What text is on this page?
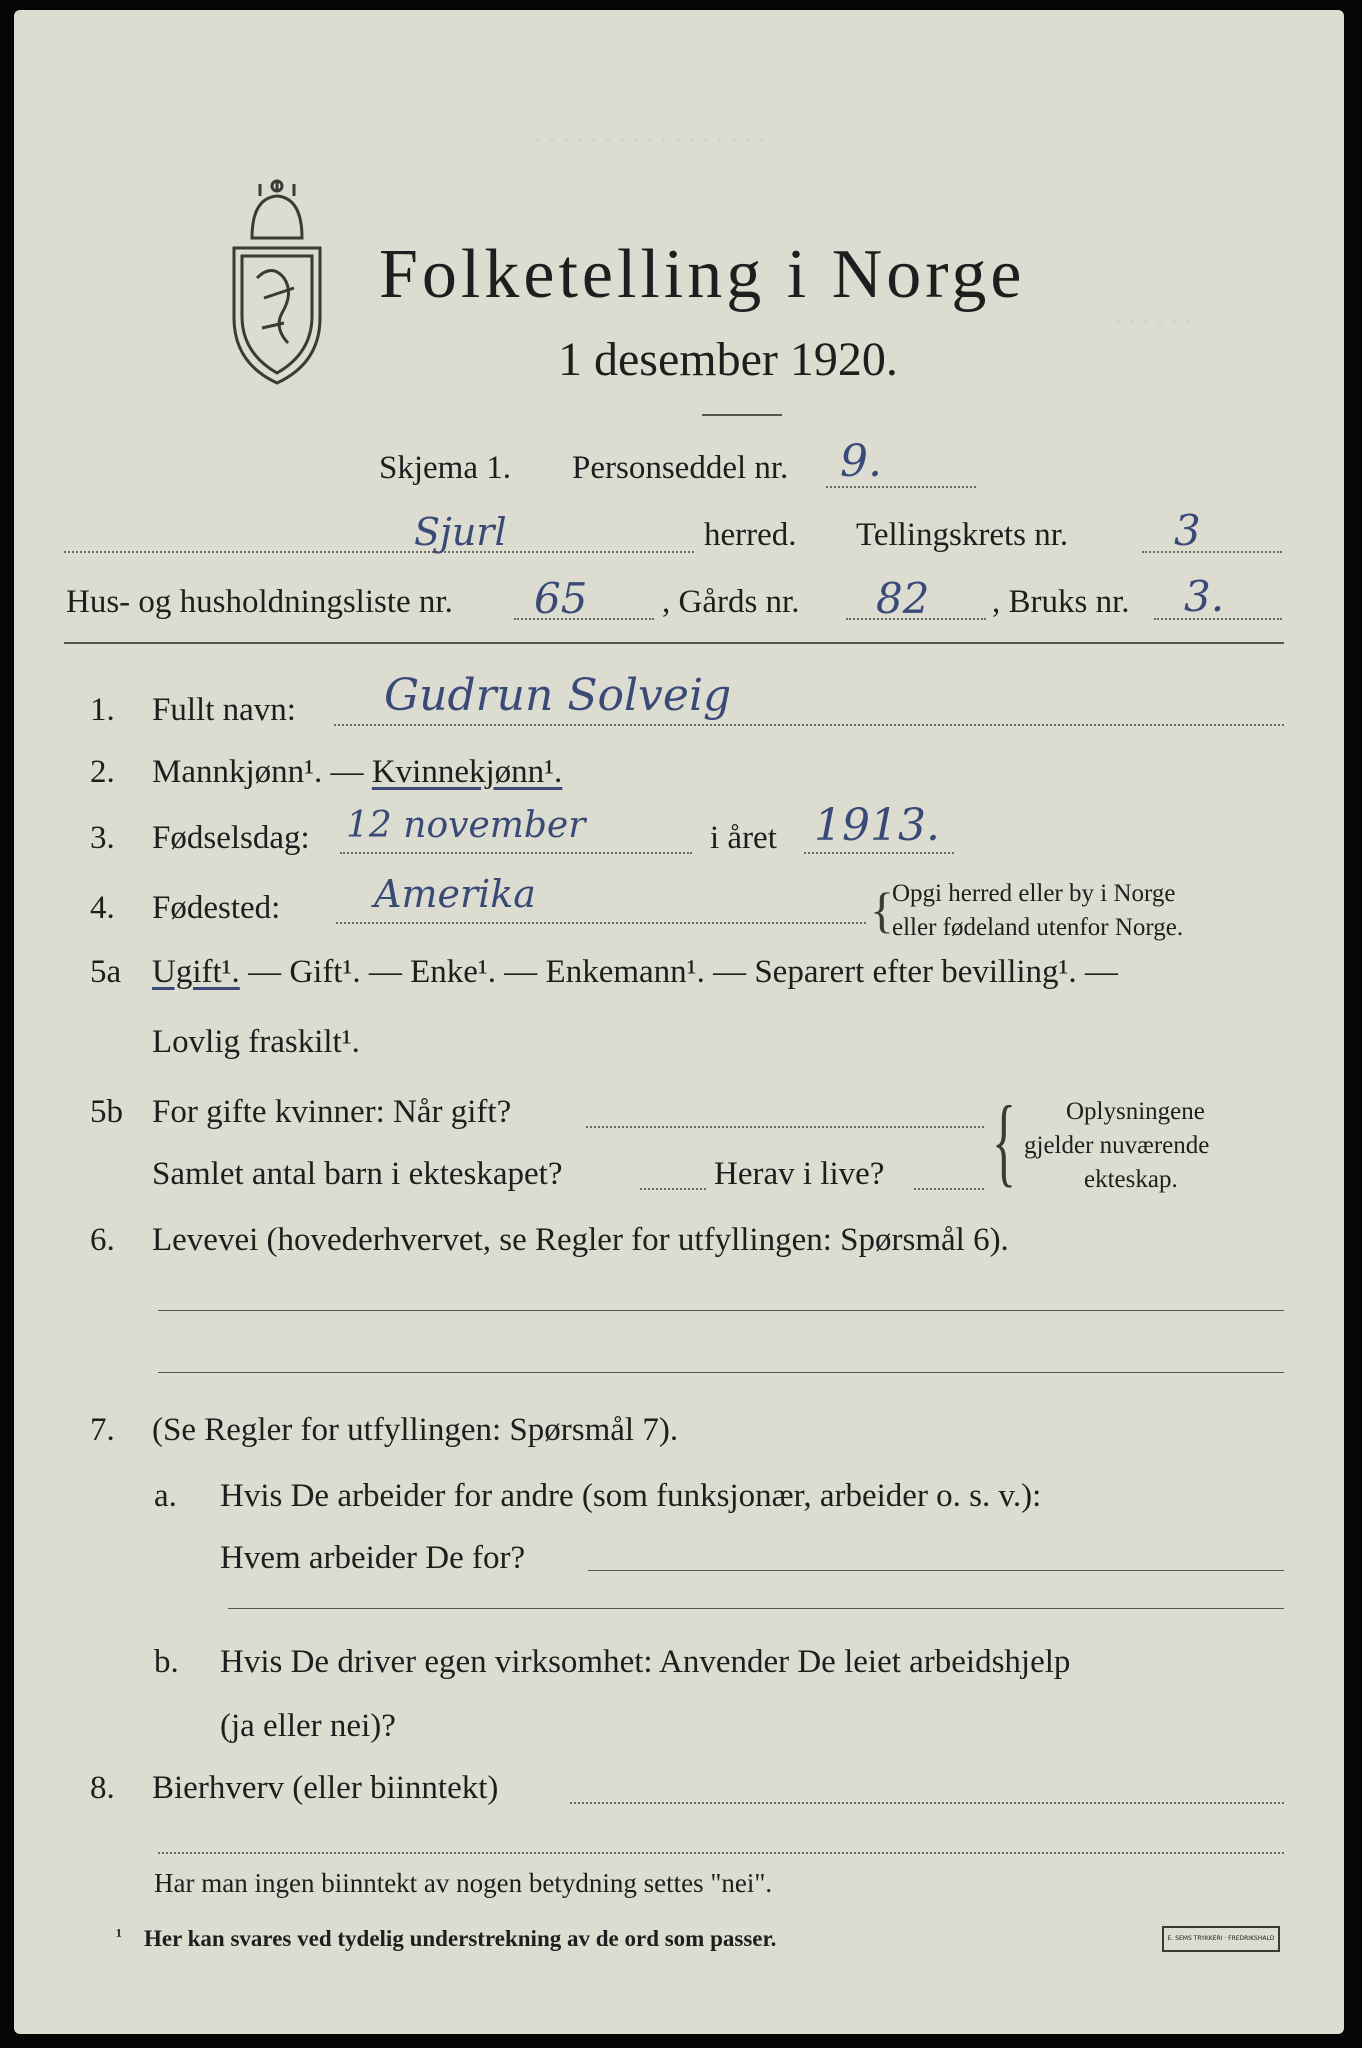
· · · · · · · · · · · · · · · · ·
· · · · · ·
Folketelling i Norge
1 desember 1920.
Skjema 1. Personseddel nr. 9.
Sjurl	herred. Tellingskrets nr.	3
Hus- og husholdningsliste nr. 65 , Gårds nr. 82 , Bruks nr. 3.
1. Fullt navn: Gudrun Solveig
2. Mannkjønn¹. — Kvinnekjønn¹.
3. Fødselsdag: 12 november	i året 1913.
4. Fødested: Amerika	{
Opgi herred eller by i Norge
eller fødeland utenfor Norge.
5a Ugift¹. — Gift¹. — Enke¹. — Enkemann¹. — Separert efter bevilling¹. —
Lovlig fraskilt¹.
5b For gifte kvinner: Når gift?
Samlet antal barn i ekteskapet?	Herav i live? { Oplysningene
gjelder nuværende
ekteskap.
6. Levevei (hovederhvervet, se Regler for utfyllingen: Spørsmål 6).
7. (Se Regler for utfyllingen: Spørsmål 7).
a. Hvis De arbeider for andre (som funksjonær, arbeider o. s. v.):
Hvem arbeider De for?
b. Hvis De driver egen virksomhet: Anvender De leiet arbeidshjelp
(ja eller nei)?
8. Bierhverv (eller biinntekt)
Har man ingen biinntekt av nogen betydning settes "nei".
¹ Her kan svares ved tydelig understrekning av de ord som passer.	E. SEMS TRYKKERI · FREDRIKSHALD
